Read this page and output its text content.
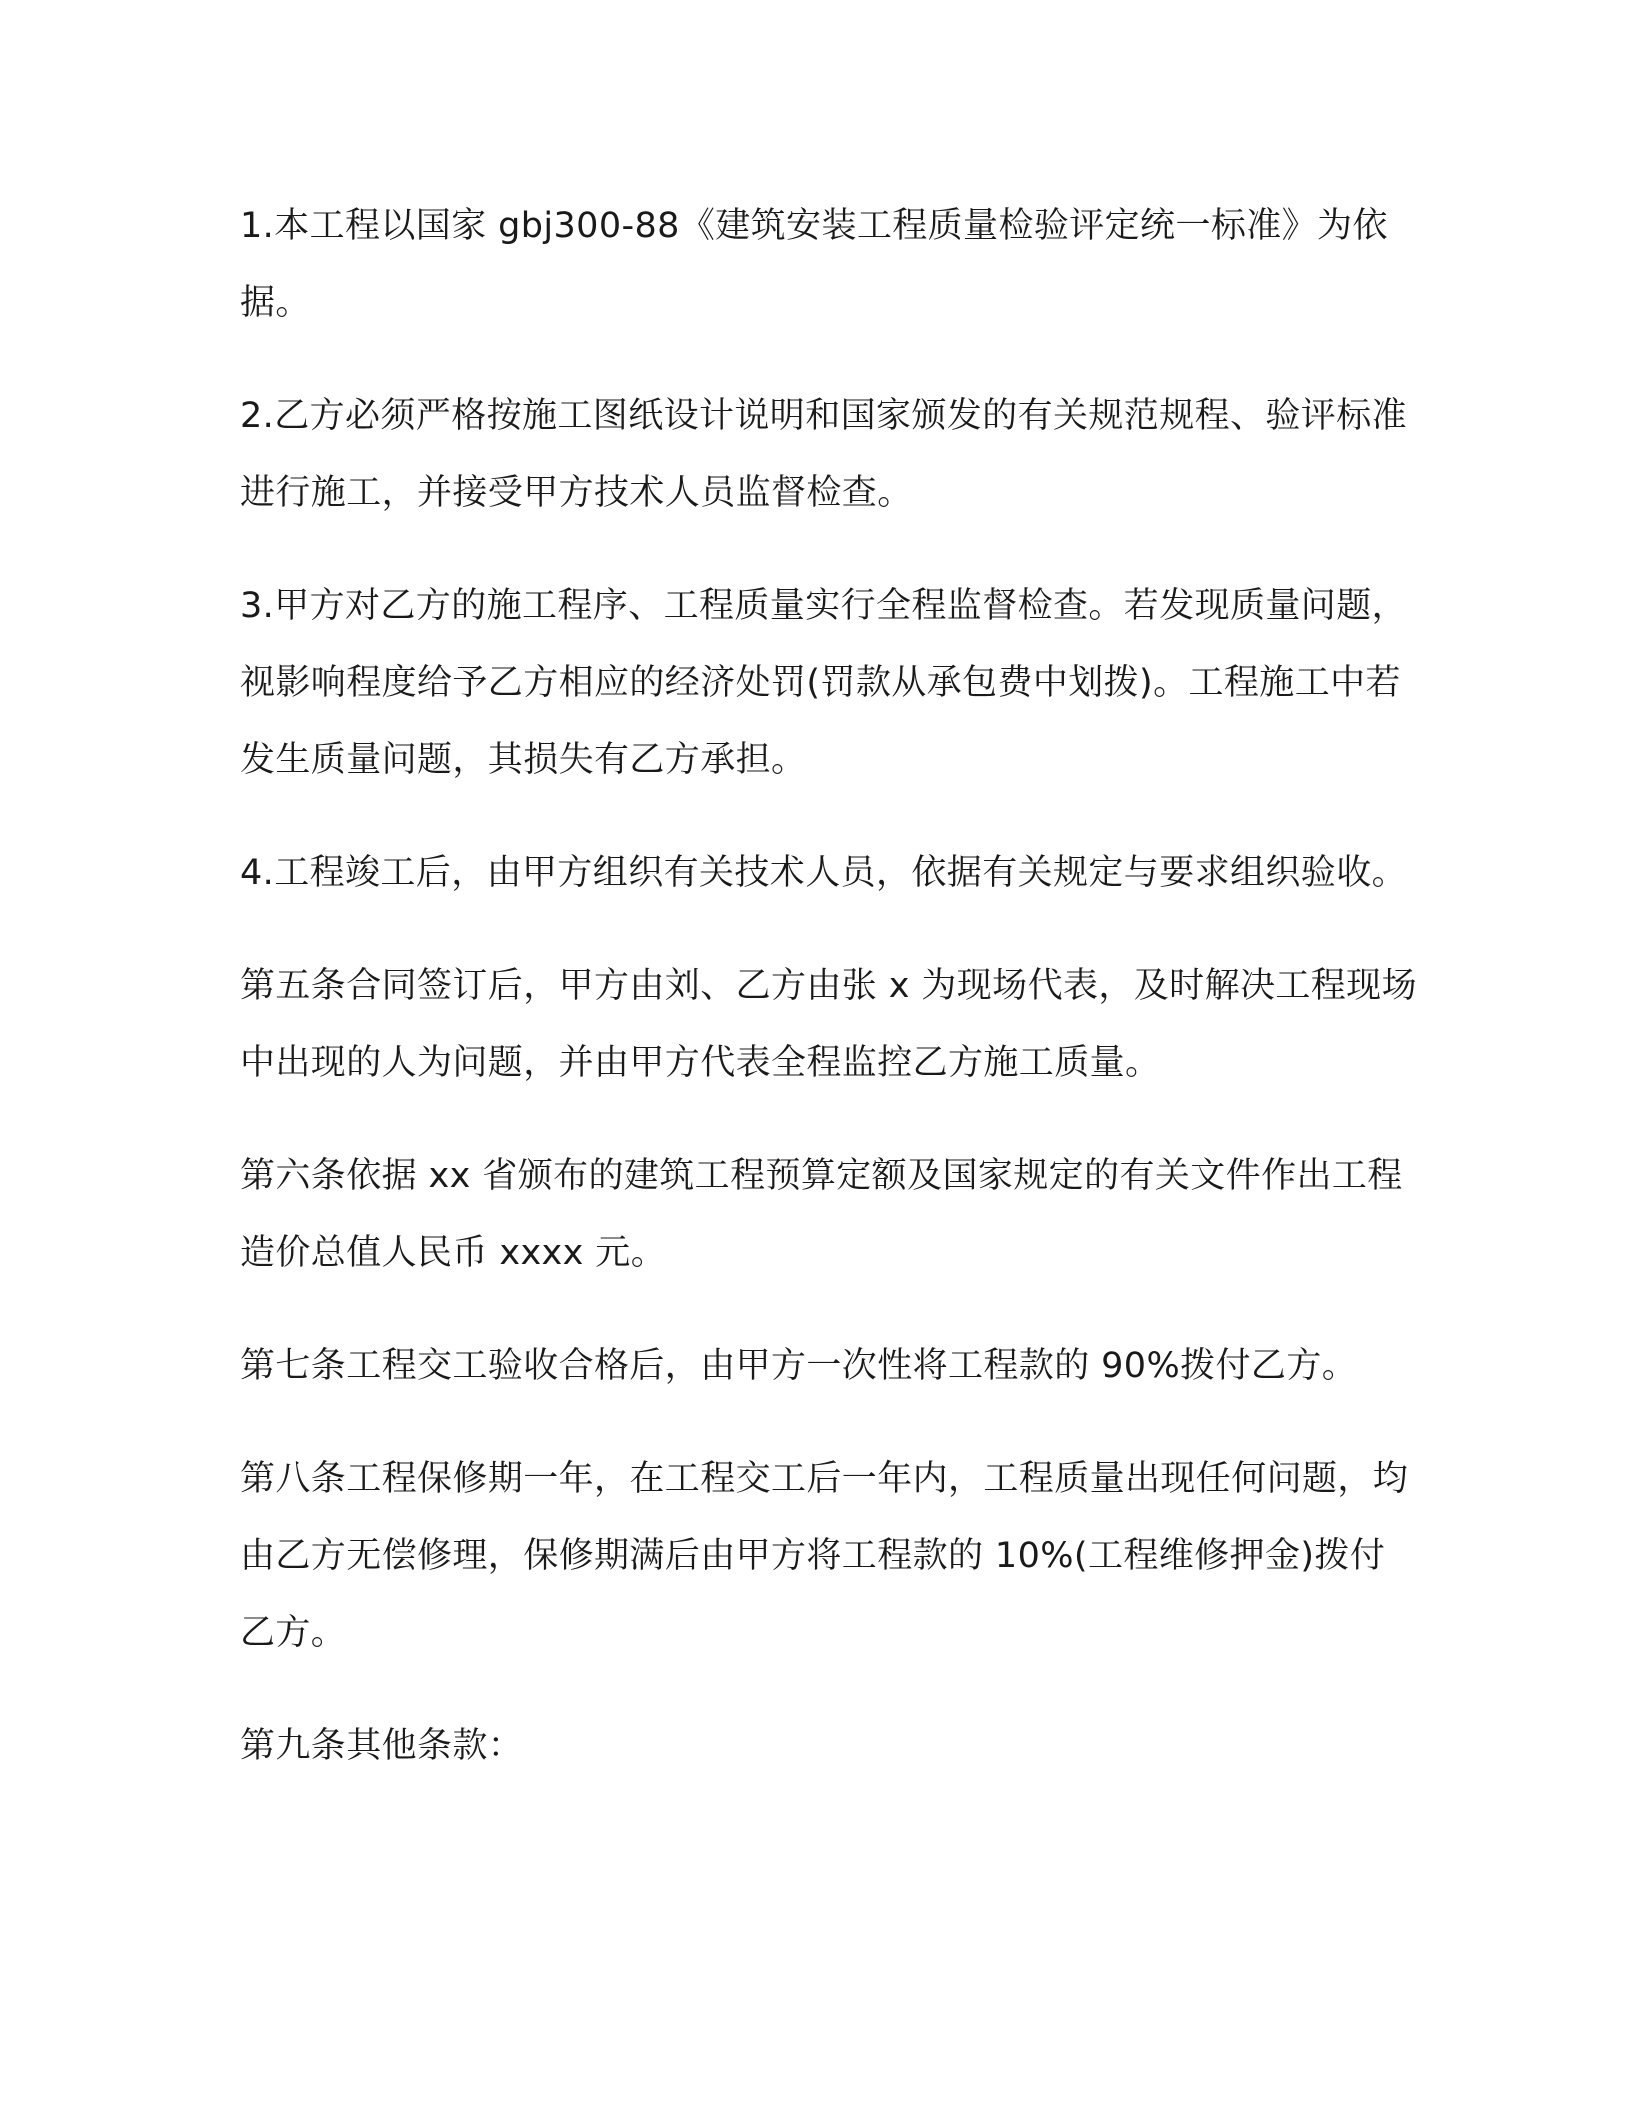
1.本工程以国家 gbj300-88《建筑安装工程质量检验评定统一标准》为依据。

2.乙方必须严格按施工图纸设计说明和国家颁发的有关规范规程、验评标准进行施工，并接受甲方技术人员监督检查。

3.甲方对乙方的施工程序、工程质量实行全程监督检查。若发现质量问题，视影响程度给予乙方相应的经济处罚(罚款从承包费中划拨)。工程施工中若发生质量问题，其损失有乙方承担。

4.工程竣工后，由甲方组织有关技术人员，依据有关规定与要求组织验收。

第五条合同签订后，甲方由刘、乙方由张 x 为现场代表，及时解决工程现场中出现的人为问题，并由甲方代表全程监控乙方施工质量。

第六条依据 xx 省颁布的建筑工程预算定额及国家规定的有关文件作出工程造价总值人民币 xxxx 元。

第七条工程交工验收合格后，由甲方一次性将工程款的 90%拨付乙方。

第八条工程保修期一年，在工程交工后一年内，工程质量出现任何问题，均由乙方无偿修理，保修期满后由甲方将工程款的 10%(工程维修押金)拨付乙方。

第九条其他条款：
